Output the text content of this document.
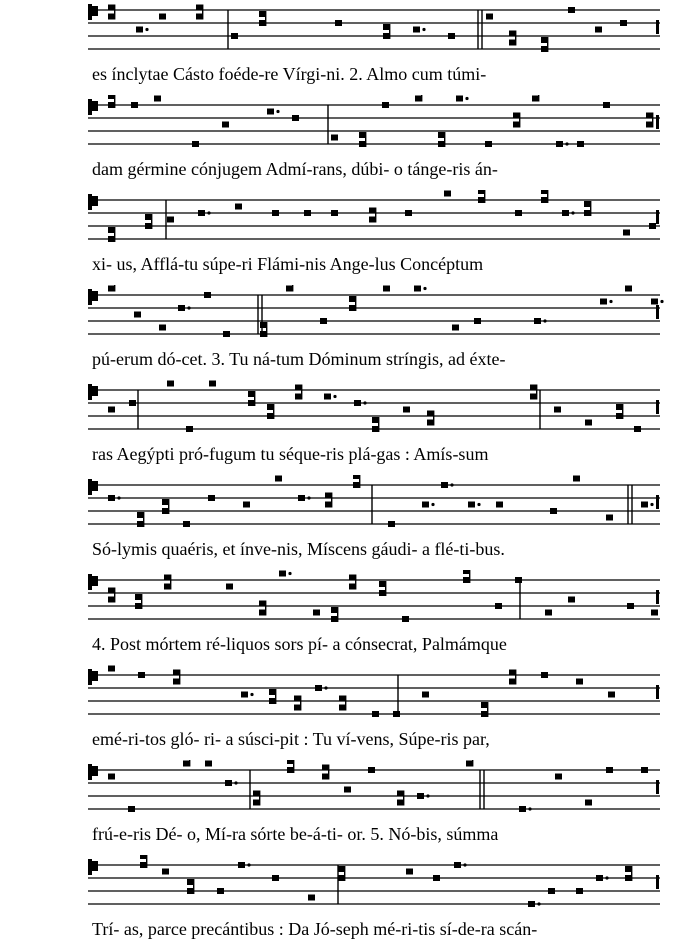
es ínclytae Cásto foéde-re Vírgi-ni. 2. Almo cum túmi-
dam gérmine cónjugem Admí-rans, dúbi- o tánge-ris án-
xi- us, Afflá-tu súpe-ri Flámi-nis Ange-lus Concéptum
pú-erum dó-cet. 3. Tu ná-tum Dóminum stríngis, ad éxte-
ras Aegýpti pró-fugum tu séque-ris plá-gas : Amís-sum
Só-lymis quaéris, et ínve-nis, Míscens gáudi- a flé-ti-bus.
4. Post mórtem ré-liquos sors pí- a cónsecrat, Palmámque
emé-ri-tos gló- ri- a súsci-pit : Tu ví-vens, Súpe-ris par,
frú-e-ris Dé- o, Mí-ra sórte be-á-ti- or. 5. Nó-bis, súmma
Trí- as, parce precántibus : Da Jó-seph mé-ri-tis sí-de-ra scán-
